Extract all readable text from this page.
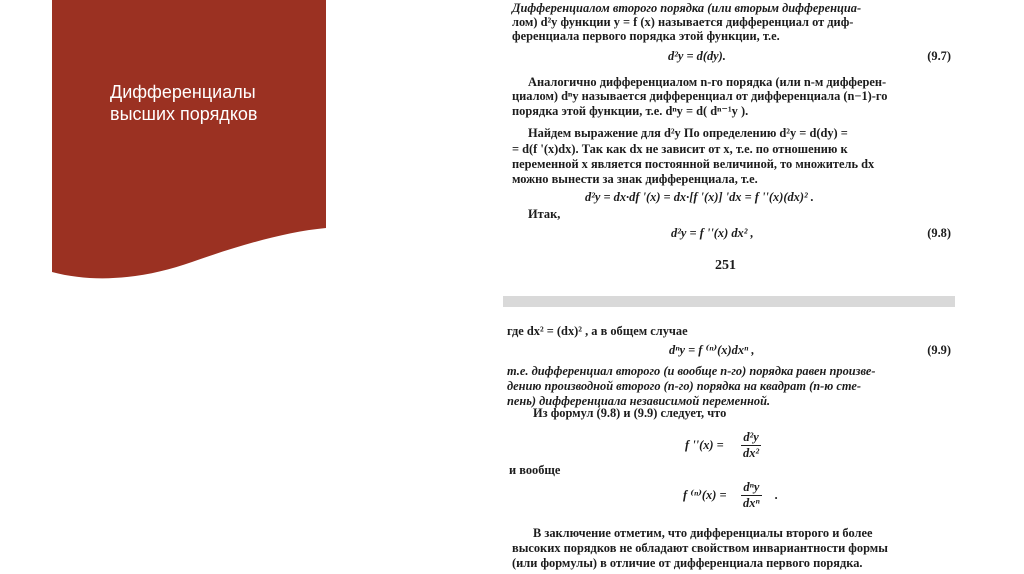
Дифференциалы высших порядков
Дифференциалом второго порядка (или вторым дифференциа-
лом) d²y функции y = f (x) называется дифференциал от диф-
ференциала первого порядка этой функции, т.е.
d²y = d(dy).	(9.7)
Аналогично дифференциалом n-го порядка (или n-м дифферен-
циалом) dⁿy называется дифференциал от дифференциала (n−1)-го
порядка этой функции, т.е. dⁿy = d( dⁿ⁻¹y ).
Найдем выражение для d²y По определению d²y = d(dy) =
= d(f '(x)dx). Так как dx не зависит от x, т.е. по отношению к
переменной x является постоянной величиной, то множитель dx
можно вынести за знак дифференциала, т.е.
d²y = dx·df '(x) = dx·[f '(x)] 'dx = f ''(x)(dx)² .
Итак,
d²y = f ''(x) dx² ,	(9.8)
251
где dx² = (dx)² , а в общем случае
dⁿy = f ⁽ⁿ⁾(x)dxⁿ ,	(9.9)
т.е. дифференциал второго (и вообще n-го) порядка равен произве-
дению производной второго (n-го) порядка на квадрат (n-ю сте-
пень) дифференциала независимой переменной.
Из формул (9.8) и (9.9) следует, что
f ''$(x) = \frac{\text{d²y}}{\text{dx²}}$
и вообще
f ⁽ⁿ⁾(x) =
dⁿy
dxⁿ
.
В заключение отметим, что дифференциалы второго и более
высоких порядков не обладают свойством инвариантности формы
(или формулы) в отличие от дифференциала первого порядка.
